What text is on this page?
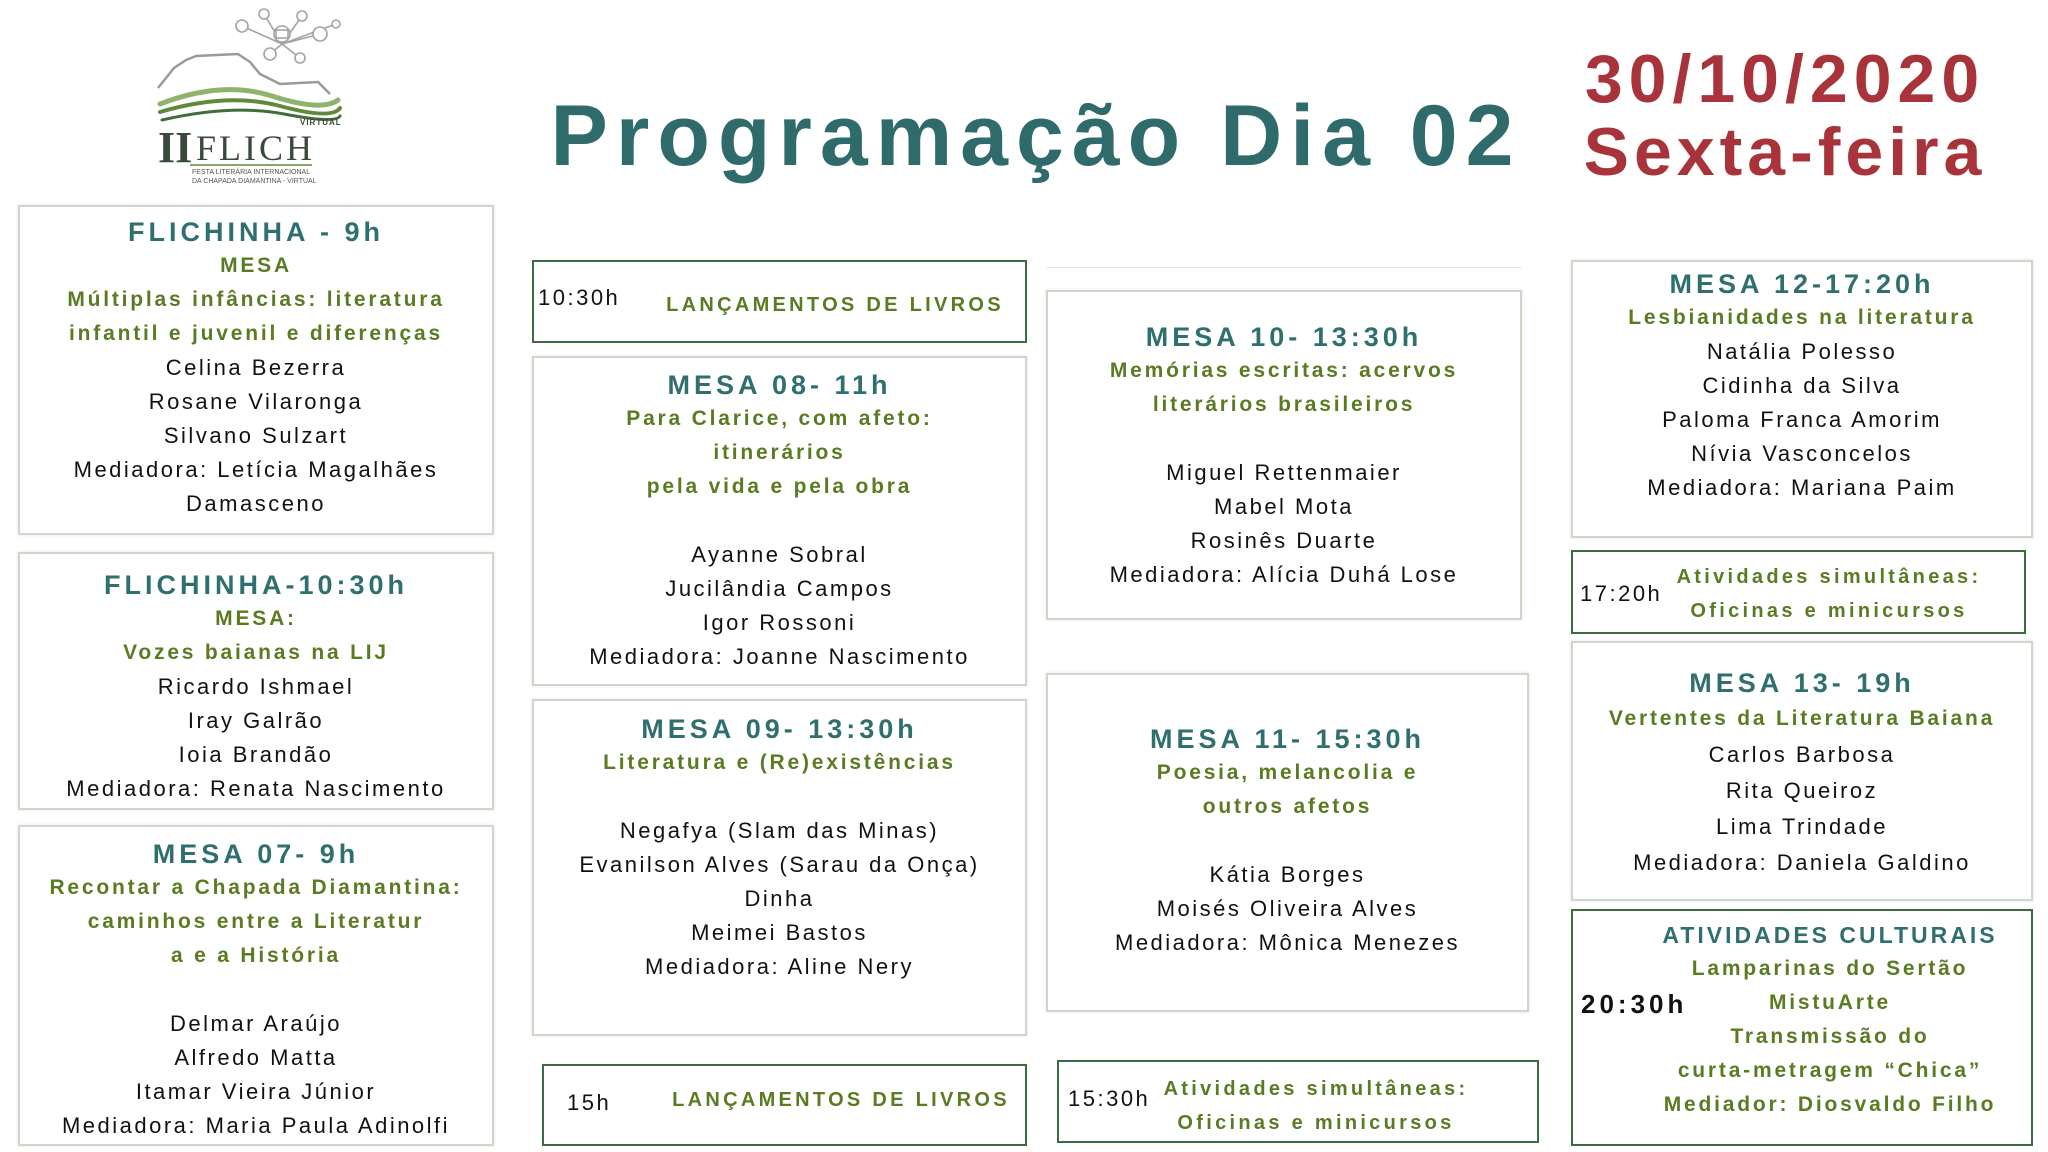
II FLICH
VIRTUAL
FESTA LITERÁRIA INTERNACIONAL
DA CHAPADA DIAMANTINA - VIRTUAL	Programação Dia 02
30/10/2020
Sexta-feira
FLICHINHA - 9h
MESA
Múltiplas infâncias: literatura
infantil e juvenil e diferenças
Celina Bezerra
Rosane Vilaronga
Silvano Sulzart
Mediadora: Letícia Magalhães
Damasceno
FLICHINHA-10:30h
MESA:
Vozes baianas na LIJ
Ricardo Ishmael
Iray Galrão
Ioia Brandão
Mediadora: Renata Nascimento
MESA 07- 9h
Recontar a Chapada Diamantina:
caminhos entre a Literatur
a e a História
Delmar Araújo
Alfredo Matta
Itamar Vieira Júnior
Mediadora: Maria Paula Adinolfi
10:30h LANÇAMENTOS DE LIVROS
MESA 08- 11h
Para Clarice, com afeto:
itinerários
pela vida e pela obra
Ayanne Sobral
Jucilândia Campos
Igor Rossoni
Mediadora: Joanne Nascimento
MESA 09- 13:30h
Literatura e (Re)existências
Negafya (Slam das Minas)
Evanilson Alves (Sarau da Onça)
Dinha
Meimei Bastos
Mediadora: Aline Nery
15h	LANÇAMENTOS DE LIVROS
MESA 10- 13:30h
Memórias escritas: acervos
literários brasileiros
Miguel Rettenmaier
Mabel Mota
Rosinês Duarte
Mediadora: Alícia Duhá Lose
MESA 11- 15:30h
Poesia, melancolia e
outros afetos
Kátia Borges
Moisés Oliveira Alves
Mediadora: Mônica Menezes
15:30h Atividades simultâneas:
Oficinas e minicursos
MESA 12-17:20h
Lesbianidades na literatura
Natália Polesso
Cidinha da Silva
Paloma Franca Amorim
Nívia Vasconcelos
Mediadora: Mariana Paim
17:20h
Atividades simultâneas:
Oficinas e minicursos
MESA 13- 19h
Vertentes da Literatura Baiana
Carlos Barbosa
Rita Queiroz
Lima Trindade
Mediadora: Daniela Galdino
ATIVIDADES CULTURAIS
Lamparinas do Sertão
MistuArte
Transmissão do
curta-metragem “Chica”
Mediador: Diosvaldo Filho
20:30h
